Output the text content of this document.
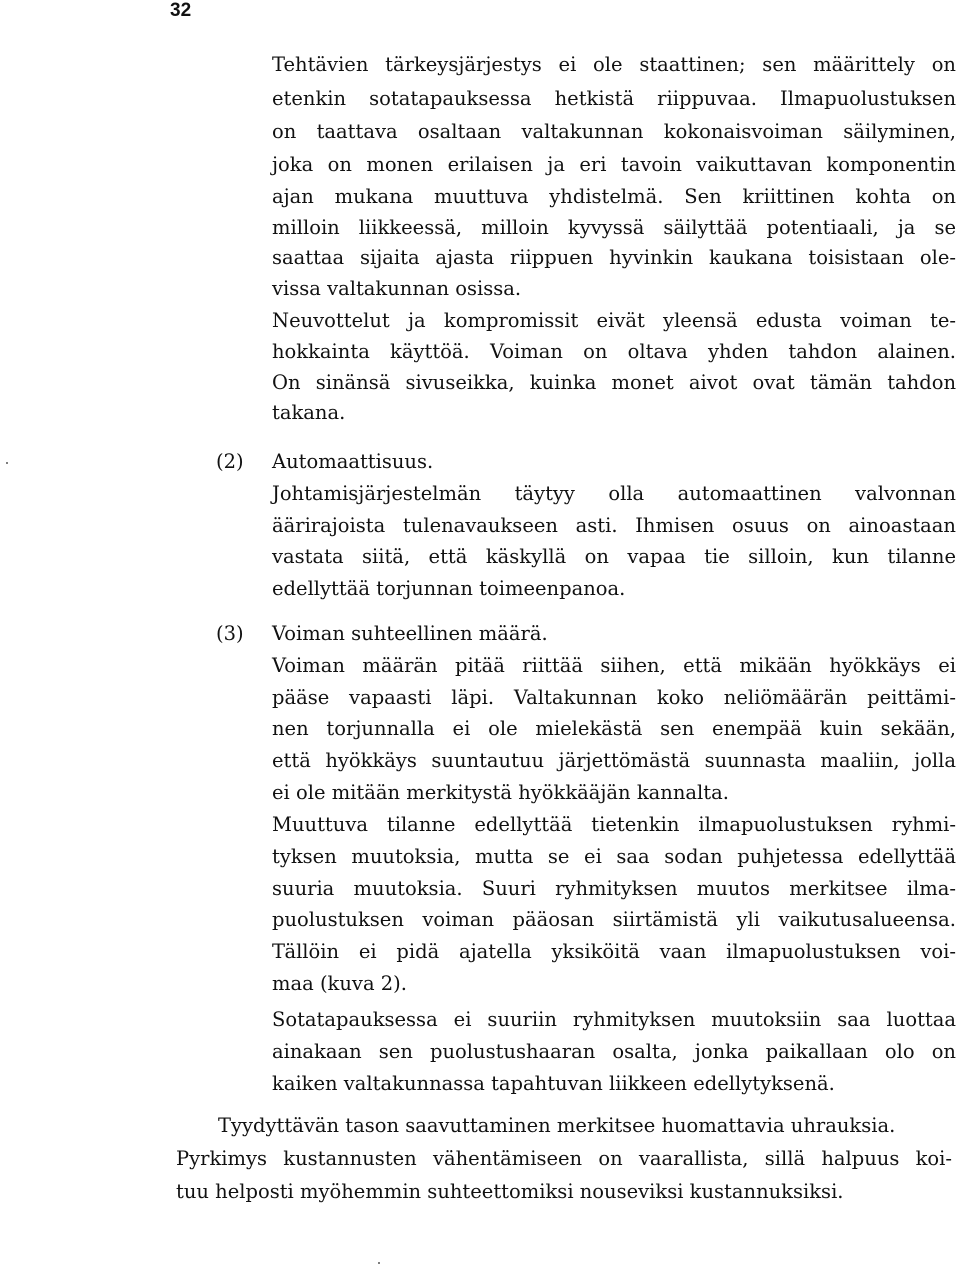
32
Tehtävien tärkeysjärjestys ei ole staattinen; sen määrittely on
etenkin sotatapauksessa hetkistä riippuvaa. Ilmapuolustuksen
on taattava osaltaan valtakunnan kokonaisvoiman säilyminen,
joka on monen erilaisen ja eri tavoin vaikuttavan komponentin
ajan mukana muuttuva yhdistelmä. Sen kriittinen kohta on
milloin liikkeessä, milloin kyvyssä säilyttää potentiaali, ja se
saattaa sijaita ajasta riippuen hyvinkin kaukana toisistaan ole-
vissa valtakunnan osissa.
Neuvottelut ja kompromissit eivät yleensä edusta voiman te-
hokkainta käyttöä. Voiman on oltava yhden tahdon alainen.
On sinänsä sivuseikka, kuinka monet aivot ovat tämän tahdon
takana.
(2) Automaattisuus.
Johtamisjärjestelmän täytyy olla automaattinen valvonnan
äärirajoista tulenavaukseen asti. Ihmisen osuus on ainoastaan
vastata siitä, että käskyllä on vapaa tie silloin, kun tilanne
edellyttää torjunnan toimeenpanoa.
(3) Voiman suhteellinen määrä.
Voiman määrän pitää riittää siihen, että mikään hyökkäys ei
pääse vapaasti läpi. Valtakunnan koko neliömäärän peittämi-
nen torjunnalla ei ole mielekästä sen enempää kuin sekään,
että hyökkäys suuntautuu järjettömästä suunnasta maaliin, jolla
ei ole mitään merkitystä hyökkääjän kannalta.
Muuttuva tilanne edellyttää tietenkin ilmapuolustuksen ryhmi-
tyksen muutoksia, mutta se ei saa sodan puhjetessa edellyttää
suuria muutoksia. Suuri ryhmityksen muutos merkitsee ilma-
puolustuksen voiman pääosan siirtämistä yli vaikutusalueensa.
Tällöin ei pidä ajatella yksiköitä vaan ilmapuolustuksen voi-
maa (kuva 2).
Sotatapauksessa ei suuriin ryhmityksen muutoksiin saa luottaa
ainakaan sen puolustushaaran osalta, jonka paikallaan olo on
kaiken valtakunnassa tapahtuvan liikkeen edellytyksenä.
Tyydyttävän tason saavuttaminen merkitsee huomattavia uhrauksia.
Pyrkimys kustannusten vähentämiseen on vaarallista, sillä halpuus koi-
tuu helposti myöhemmin suhteettomiksi nouseviksi kustannuksiksi.
